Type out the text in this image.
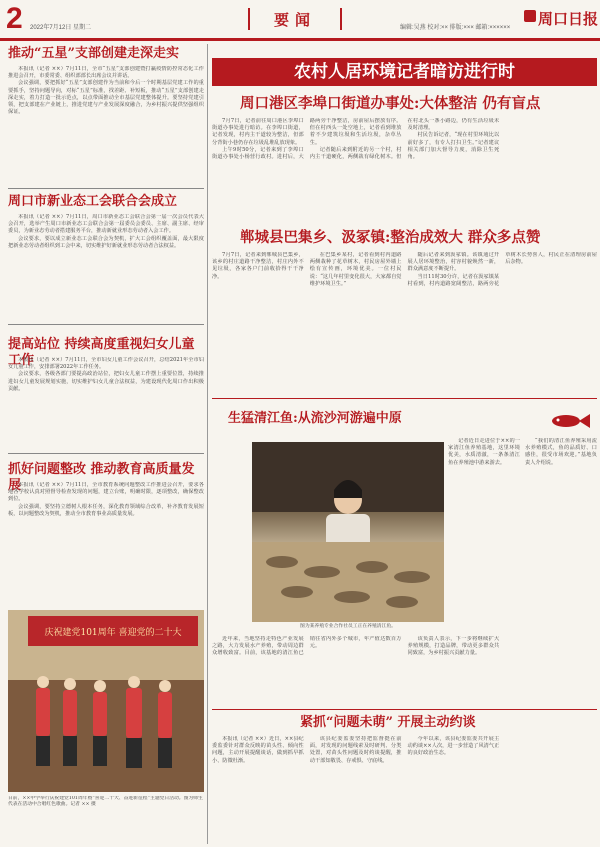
2 2022年7月12日 星期二	要闻	编辑:吴燕 校对:×× 排版:××× 邮箱:×××××× 周口日报
推动“五星”支部创建走深走实

本报讯（记者 ××）7月11日，全市“五星”支部创建暨打赢疫情防控常态化工作推进会召开，市委常委、组织部部长出席会议并讲话。

会议强调，要把抓好“五星”支部创建作为当前和今后一个时期基层党建工作的重要抓手，坚持问题导向，对标“五星”标准，找差距、补短板，推动“五星”支部创建走深走实，着力打造一批示范点，以点带面推动全市基层党建整体提升。要坚持党建引领，把支部建在产业链上，推进党建与产业发展深度融合，为乡村振兴提供坚强组织保证。

周口市新业态工会联合会成立

本报讯（记者 ××）7月11日，周口市新业态工会联合会第一届一次会员代表大会召开，选举产生周口市新业态工会联合会第一届委员会委员、主席、副主席、经审委员，为新业态劳动者搭建服务平台，推动新就业形态劳动者入会工作。

会议要求，要以成立新业态工会联合会为契机，扩大工会组织覆盖面，最大限度把新业态劳动者组织到工会中来，切实维护好新就业形态劳动者合法权益。

提高站位 持续高度重视妇女儿童工作

本报讯（记者 ××）7月11日，全市妇女儿童工作会议召开，总结2021年全市妇女儿童工作，安排部署2022年工作任务。

会议要求，各级各部门要提高政治站位，把妇女儿童工作摆上重要位置，持续推进妇女儿童发展规划实施，切实维护妇女儿童合法权益，为建设现代化周口作出积极贡献。

抓好问题整改 推动教育高质量发展

本报讯（记者 ××）7月11日，全市教育系统问题整改工作推进会召开，要求各地各学校认真对照督导检查发现的问题，建立台账，明确时限，逐项整改，确保整改到位。

会议强调，要坚持立德树人根本任务，深化教育领域综合改革，补齐教育发展短板，以问题整改为契机，推动全市教育事业高质量发展。

庆祝建党101周年 喜迎党的二十大
日前，××中学举行庆祝建党101周年暨“喜迎二十大、奋进新征程”主题党日活动。图为师生代表在活动中合唱红色歌曲。记者 ×× 摄
农村人居环境记者暗访进行时
周口港区李埠口街道办事处:大体整洁 仍有盲点

7月7日，记者前往周口港区李埠口街道办事处进行暗访。在李埠口街道，记者发现，村内主干道较为整洁，但部分背街小巷仍存在垃圾乱堆乱放现象。

上午9时50分，记者来到了李埠口街道办事处小杨营行政村。进村后，大路两旁干净整洁，房前屋后摆放有序。但在村西头一处空地上，记者看到堆放着不少建筑垃圾和生活垃圾，杂草丛生。

记者随后来到附近的另一个村，村内主干道硬化，两侧栽有绿化树木。但在村北头一条小路边，仍有生活垃圾未及时清理。

村民告诉记者，“现在村里环境比以前好多了，有专人打扫卫生。”记者建议相关部门加大督导力度，消除卫生死角。

郸城县巴集乡、汲冢镇:整治成效大 群众多点赞

7月7日，记者来到郸城县巴集乡，该乡的村庄道路干净整洁，村庄内外不见垃圾，各家各户门前收拾得干干净净。

在巴集乡某村，记者看到村内道路两侧栽种了花草树木，村民房屋外墙上绘有宣传画，环境优美。一位村民说：“这几年村里变化很大，大家都自觉维护环境卫生。”

随后记者来到汲冢镇。该镇通过开展人居环境整治，村容村貌焕然一新，群众满意度不断提升。

当日11时30分许，记者在汲冢镇某村看到，村内道路宽阔整洁，路两旁花草树木长势喜人，村民正在清理房前屋后杂物。

生猛清江鱼:从流沙河游遍中原
图为某养殖专业合作社员工正在养殖清江鱼。

记者近日走进位于××的一家清江鱼养殖基地，这里环境优美，水质清澈，一条条清江鱼在养殖池中游来游去。

“我们的清江鱼养殖采用流水养殖模式，鱼的品质好、口感佳，很受市场欢迎。”基地负责人介绍说。

近年来，当地坚持走特色产业发展之路，大力发展水产养殖，带动周边群众增收致富。目前，该基地的清江鱼已销往省内外多个城市，年产值达数百万元。

该负责人表示，下一步将继续扩大养殖规模，打造品牌，带动更多群众共同致富，为乡村振兴贡献力量。

紧抓“问题未萌” 开展主动约谈

本报讯（记者 ××）近日，××县纪委监委针对群众反映的苗头性、倾向性问题，主动开展提醒谈话，做到抓早抓小、防微杜渐。

该县纪委监委坚持把监督挺在前面，对发现的问题线索及时研判、分类处置，对苗头性问题及时约谈提醒，推动干部知敬畏、存戒惧、守底线。

今年以来，该县纪委监委共开展主动约谈××人次，进一步营造了风清气正的良好政治生态。
